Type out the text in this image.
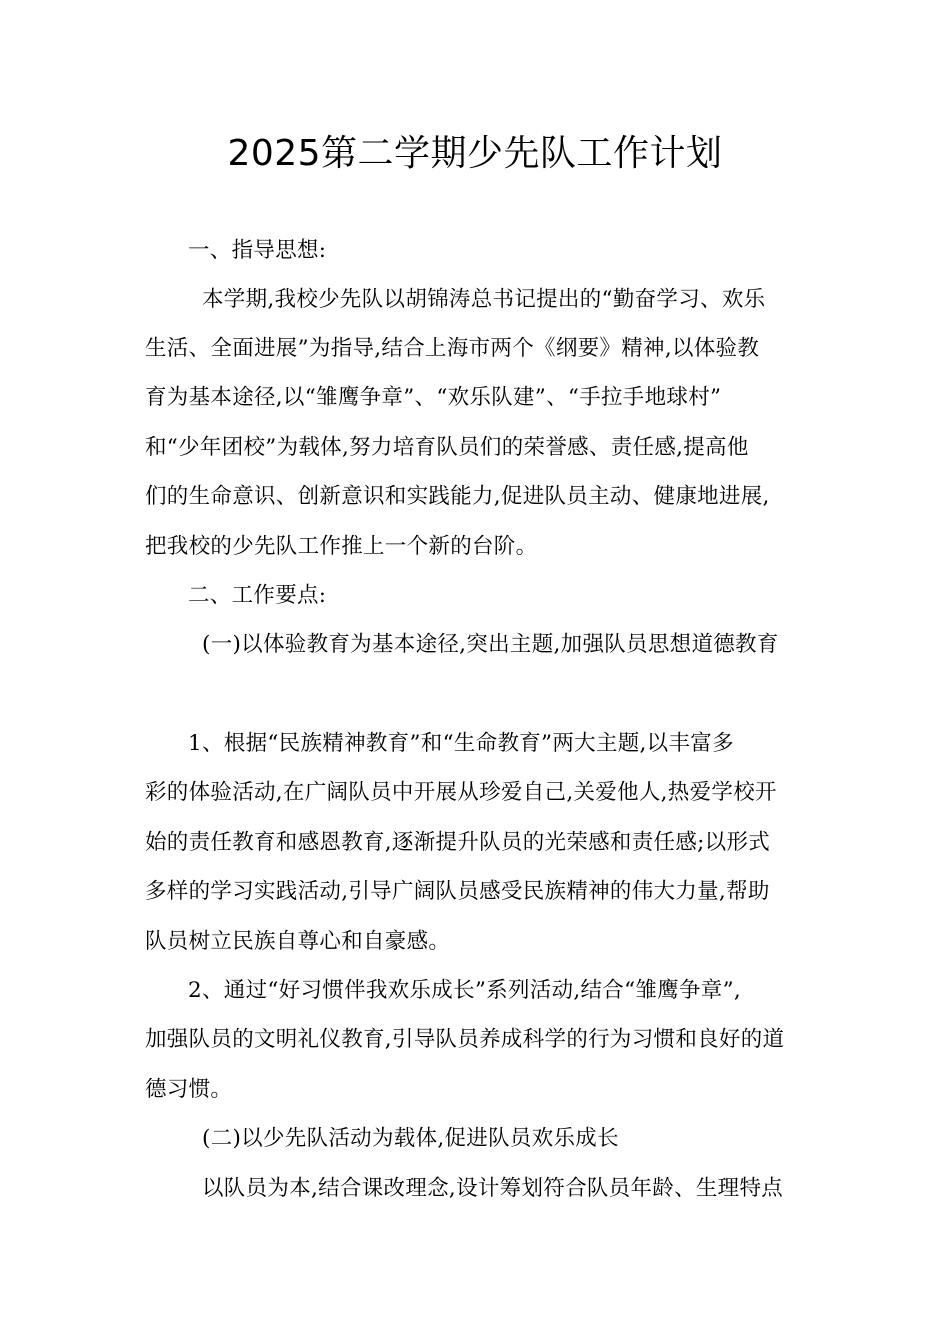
2025第二学期少先队工作计划
一、指导思想:
本学期,我校少先队以胡锦涛总书记提出的“勤奋学习、欢乐
生活、全面进展”为指导,结合上海市两个《纲要》精神,以体验教
育为基本途径,以“雏鹰争章”、“欢乐队建”、“手拉手地球村”
和“少年团校”为载体,努力培育队员们的荣誉感、责任感,提高他
们的生命意识、创新意识和实践能力,促进队员主动、健康地进展,
把我校的少先队工作推上一个新的台阶。
二、工作要点:
(一)以体验教育为基本途径,突出主题,加强队员思想道德教育
1、根据“民族精神教育”和“生命教育”两大主题,以丰富多
彩的体验活动,在广阔队员中开展从珍爱自己,关爱他人,热爱学校开
始的责任教育和感恩教育,逐渐提升队员的光荣感和责任感;以形式
多样的学习实践活动,引导广阔队员感受民族精神的伟大力量,帮助
队员树立民族自尊心和自豪感。
2、通过“好习惯伴我欢乐成长”系列活动,结合“雏鹰争章”,
加强队员的文明礼仪教育,引导队员养成科学的行为习惯和良好的道
德习惯。
(二)以少先队活动为载体,促进队员欢乐成长
以队员为本,结合课改理念,设计筹划符合队员年龄、生理特点
